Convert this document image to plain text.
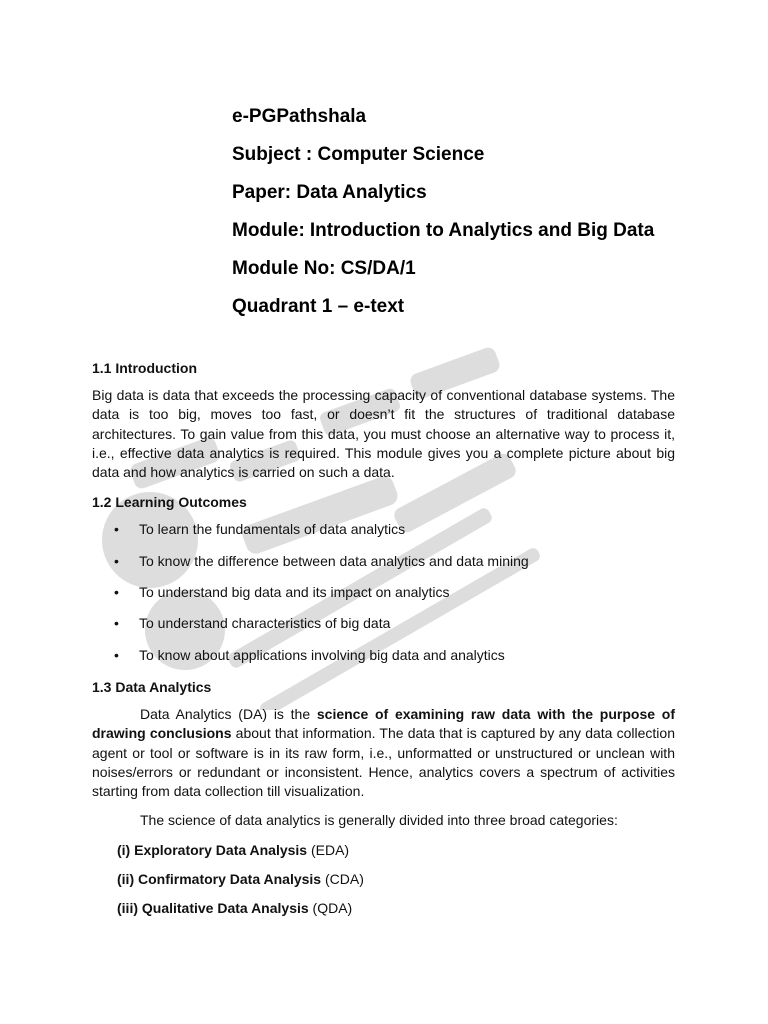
e-PGPathshala
Subject : Computer Science
Paper: Data Analytics
Module: Introduction to Analytics and Big Data
Module No: CS/DA/1
Quadrant 1 – e-text
1.1 Introduction

Big data is data that exceeds the processing capacity of conventional database systems. The data is too big, moves too fast, or doesn’t fit the structures of traditional database architectures. To gain value from this data, you must choose an alternative way to process it, i.e., effective data analytics is required. This module gives you a complete picture about big data and how analytics is carried on such a data.

1.2 Learning Outcomes
• To learn the fundamentals of data analytics
• To know the difference between data analytics and data mining
• To understand big data and its impact on analytics
• To understand characteristics of big data
• To know about applications involving big data and analytics
1.3 Data Analytics

Data Analytics (DA) is the science of examining raw data with the purpose of drawing conclusions about that information. The data that is captured by any data collection agent or tool or software is in its raw form, i.e., unformatted or unstructured or unclean with noises/errors or redundant or inconsistent. Hence, analytics covers a spectrum of activities starting from data collection till visualization.

The science of data analytics is generally divided into three broad categories:

(i) Exploratory Data Analysis (EDA)
(ii) Confirmatory Data Analysis (CDA)
(iii) Qualitative Data Analysis (QDA)
